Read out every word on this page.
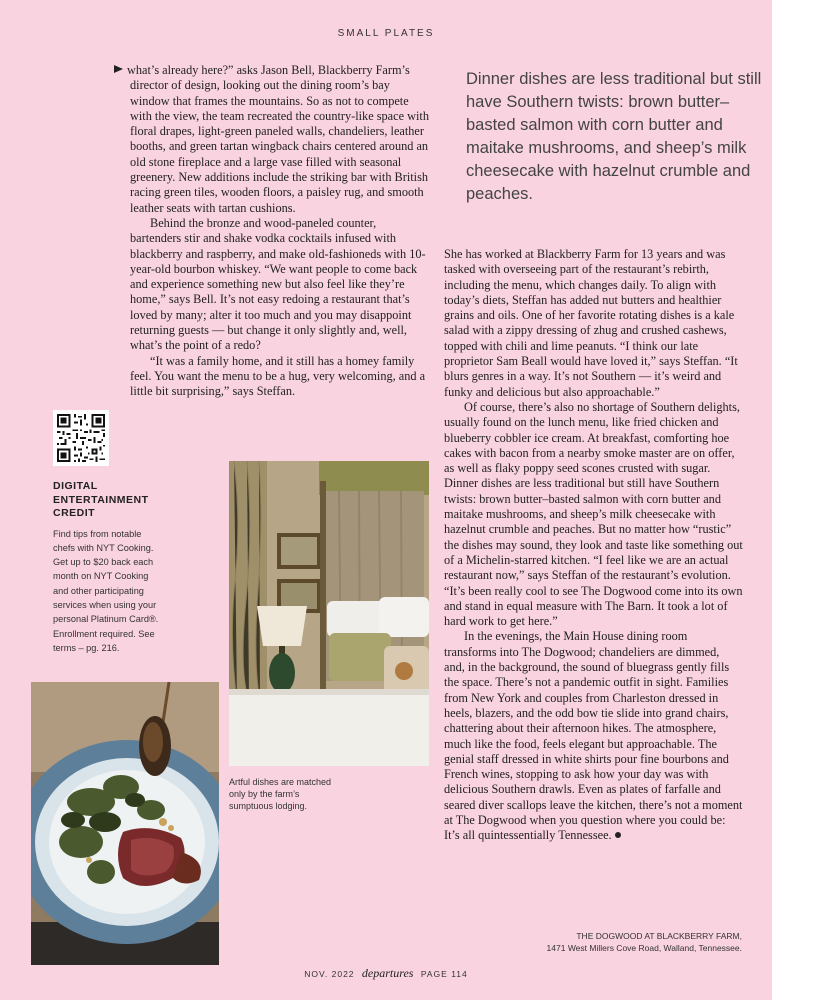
SMALL PLATES

what’s already here?” asks Jason Bell, Blackberry Farm’s director of design, looking out the dining room’s bay window that frames the mountains. So as not to compete with the view, the team recreated the country-like space with floral drapes, light-green paneled walls, chandeliers, leather booths, and green tartan wingback chairs centered around an old stone fireplace and a large vase filled with seasonal greenery. New additions include the striking bar with British racing green tiles, wooden floors, a paisley rug, and smooth leather seats with tartan cushions.

Behind the bronze and wood-paneled counter, bartenders stir and shake vodka cocktails infused with blackberry and raspberry, and make old-fashioneds with 10-year-old bourbon whiskey. “We want people to come back and experience something new but also feel like they’re home,” says Bell. It’s not easy redoing a restaurant that’s loved by many; alter it too much and you may disappoint returning guests — but change it only slightly and, well, what’s the point of a redo?

“It was a family home, and it still has a homey family feel. You want the menu to be a hug, very welcoming, and a little bit surprising,” says Steffan.

Dinner dishes are less traditional but still have Southern twists: brown butter–basted salmon with corn butter and maitake mushrooms, and sheep’s milk cheesecake with hazelnut crumble and peaches.

She has worked at Blackberry Farm for 13 years and was tasked with overseeing part of the restaurant’s rebirth, including the menu, which changes daily. To align with today’s diets, Steffan has added nut butters and healthier grains and oils. One of her favorite rotating dishes is a kale salad with a zippy dressing of zhug and crushed cashews, topped with chili and lime peanuts. “I think our late proprietor Sam Beall would have loved it,” says Steffan. “It blurs genres in a way. It’s not Southern — it’s weird and funky and delicious but also approachable.”

Of course, there’s also no shortage of Southern delights, usually found on the lunch menu, like fried chicken and blueberry cobbler ice cream. At breakfast, comforting hoe cakes with bacon from a nearby smoke master are on offer, as well as flaky poppy seed scones crusted with sugar. Dinner dishes are less traditional but still have Southern twists: brown butter–basted salmon with corn butter and maitake mushrooms, and sheep’s milk cheesecake with hazelnut crumble and peaches. But no matter how “rustic” the dishes may sound, they look and taste like something out of a Michelin-starred kitchen. “I feel like we are an actual restaurant now,” says Steffan of the restaurant’s evolution. “It’s been really cool to see The Dogwood come into its own and stand in equal measure with The Barn. It took a lot of hard work to get here.”

In the evenings, the Main House dining room transforms into The Dogwood; chandeliers are dimmed, and, in the background, the sound of bluegrass gently fills the space. There’s not a pandemic outfit in sight. Families from New York and couples from Charleston dressed in heels, blazers, and the odd bow tie slide into grand chairs, chattering about their afternoon hikes. The atmosphere, much like the food, feels elegant but approachable. The genial staff dressed in white shirts pour fine bourbons and French wines, stopping to ask how your day was with delicious Southern drawls. Even as plates of farfalle and seared diver scallops leave the kitchen, there’s not a moment at The Dogwood when you question where you could be: It’s all quintessentially Tennessee.

DIGITAL ENTERTAINMENT CREDIT
Find tips from notable chefs with NYT Cooking. Get up to $20 back each month on NYT Cooking and other participating services when using your personal Platinum Card®. Enrollment required. See terms – pg. 216.
Artful dishes are matched only by the farm’s sumptuous lodging.
THE DOGWOOD AT BLACKBERRY FARM,
1471 West Millers Cove Road, Walland, Tennessee.
NOV. 2022 departures PAGE 114
